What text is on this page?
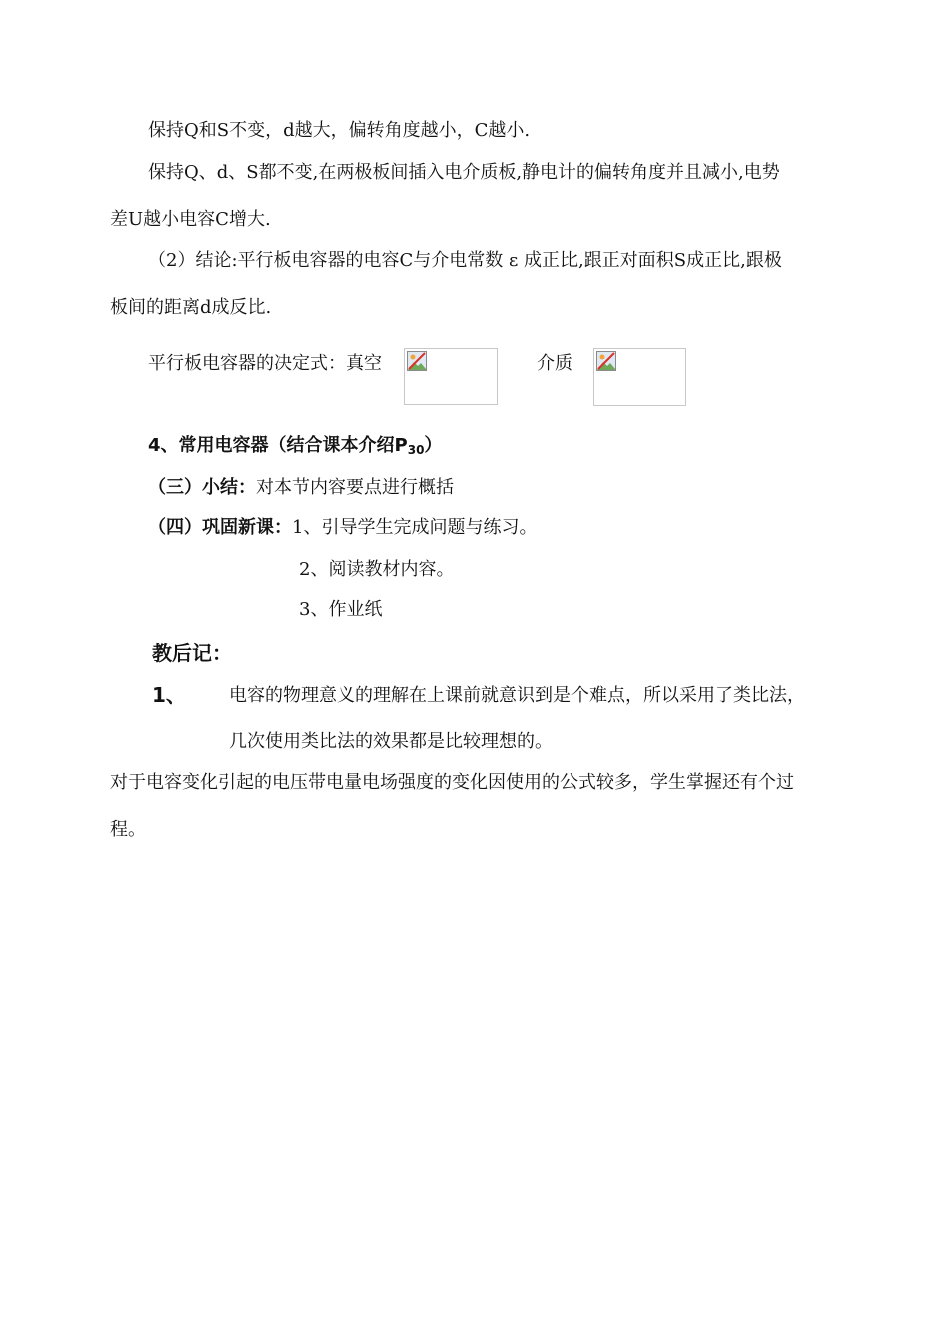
保持Q和S不变，d越大，偏转角度越小，C越小.
保持Q、d、S都不变,在两极板间插入电介质板,静电计的偏转角度并且减小,电势
差U越小电容C增大.
（2）结论:平行板电容器的电容C与介电常数 ε 成正比,跟正对面积S成正比,跟极
板间的距离d成反比.
平行板电容器的决定式：真空	介质
4、常用电容器（结合课本介绍$P_{30}$）
（三）小结：对本节内容要点进行概括
（四）巩固新课：1、引导学生完成问题与练习。
2、阅读教材内容。
3、作业纸
教后记：
1、 电容的物理意义的理解在上课前就意识到是个难点，所以采用了类比法，
几次使用类比法的效果都是比较理想的。
对于电容变化引起的电压带电量电场强度的变化因使用的公式较多，学生掌握还有个过
程。
